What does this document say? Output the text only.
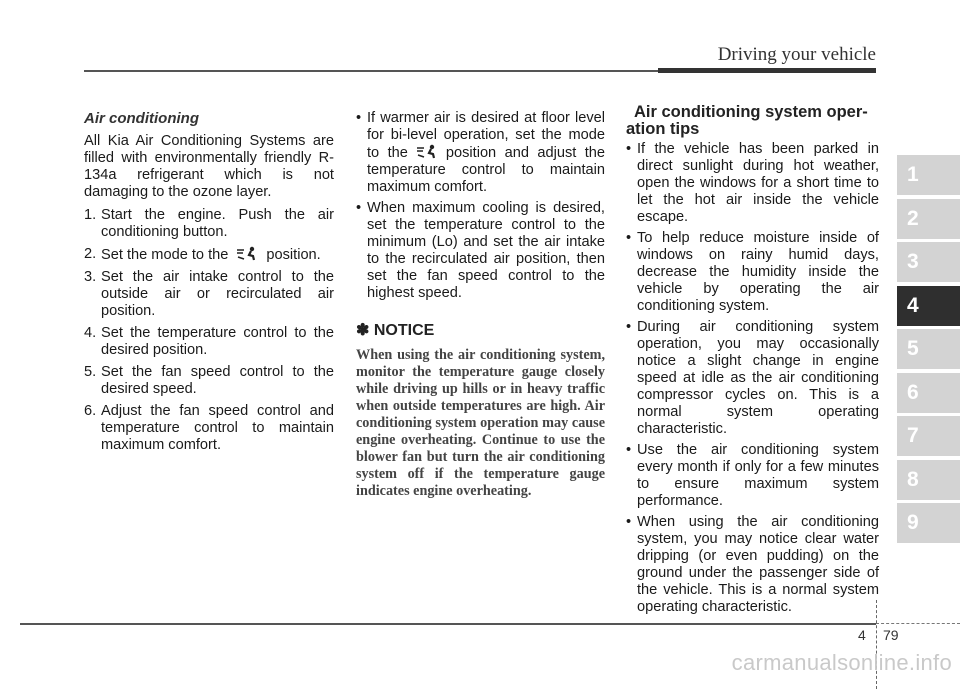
Driving your vehicle
Air conditioning
All Kia Air Conditioning Systems are filled with environmentally friendly R-134a refrigerant which is not damaging to the ozone layer.
1. Start the engine. Push the air conditioning button.
2. Set the mode to the	position.
3. Set the air intake control to the outside air or recirculated air position.
4. Set the temperature control to the desired position.
5. Set the fan speed control to the desired speed.
6. Adjust the fan speed control and temperature control to maintain maximum comfort.
• If warmer air is desired at floor level for bi-level operation, set the mode to the	position and adjust the temperature control to maintain maximum comfort.
• When maximum cooling is desired, set the temperature control to the minimum (Lo) and set the air intake to the recirculated air position, then set the fan speed control to the highest speed.
✽ NOTICE
When using the air conditioning system, monitor the temperature gauge closely while driving up hills or in heavy traffic when outside temperatures are high. Air conditioning system operation may cause engine overheating. Continue to use the blower fan but turn the air conditioning system off if the temperature gauge indicates engine overheating.
Air conditioning system oper-
ation tips
• If the vehicle has been parked in direct sunlight during hot weather, open the windows for a short time to let the hot air inside the vehicle escape.
• To help reduce moisture inside of windows on rainy humid days, decrease the humidity inside the vehicle by operating the air conditioning system.
• During air conditioning system operation, you may occasionally notice a slight change in engine speed at idle as the air conditioning compressor cycles on. This is a normal system operating characteristic.
• Use the air conditioning system every month if only for a few minutes to ensure maximum system performance.
• When using the air conditioning system, you may notice clear water dripping (or even pudding) on the ground under the passenger side of the vehicle. This is a normal system operating characteristic.
1
2
3
4
5
6
7
8
9
4 79
carmanualsonline.info
